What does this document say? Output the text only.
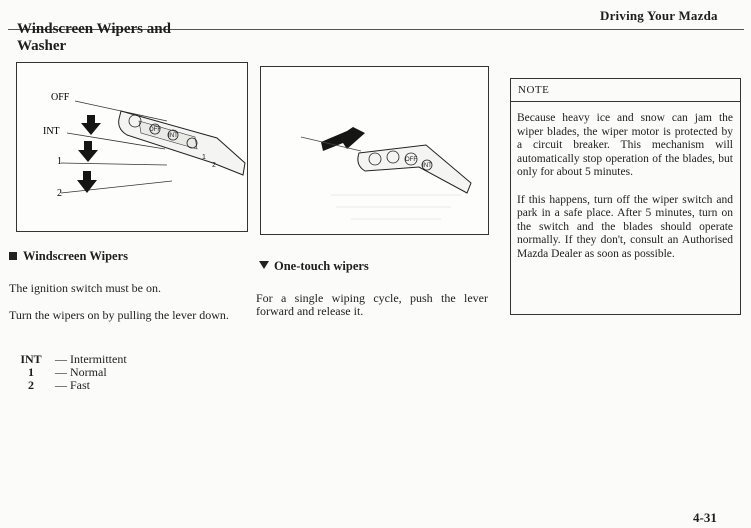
Driving Your Mazda
Windscreen Wipers and
Washer
OFF
INT
1
2
OFF
INT
1
2
OFF
INT
NOTE
Because heavy ice and snow can jam the wiper blades, the wiper motor is protected by a circuit breaker. This mechanism will automatically stop operation of the blades, but only for about 5 minutes.
If this happens, turn off the wiper switch and park in a safe place. After 5 minutes, turn on the switch and the blades should operate normally. If they don't, consult an Authorised Mazda Dealer as soon as possible.
Windscreen Wipers
The ignition switch must be on.
Turn the wipers on by pulling the lever down.
INT — Intermittent
1	— Normal
2	— Fast
One-touch wipers
For a single wiping cycle, push the lever forward and release it.
4-31
